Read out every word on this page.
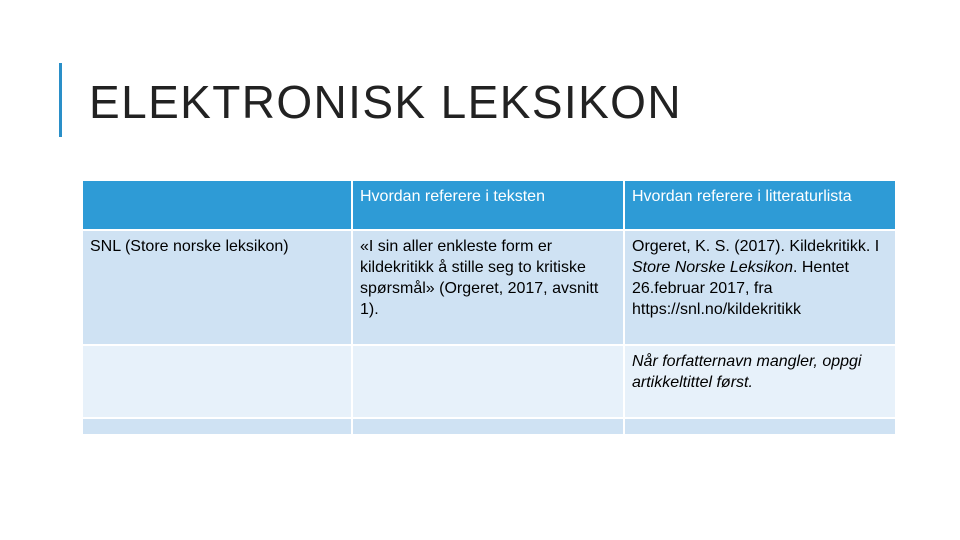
ELEKTRONISK LEKSIKON
	Hvordan referere i teksten	Hvordan referere i litteraturlista
SNL (Store norske leksikon)	«I sin aller enkleste form er kildekritikk å stille seg to kritiske spørsmål» (Orgeret, 2017, avsnitt 1).	Orgeret, K. S. (2017). Kildekritikk. I Store Norske Leksikon. Hentet 26.februar 2017, fra https://snl.no/kildekritikk
		Når forfatternavn mangler, oppgi artikkeltittel først.
